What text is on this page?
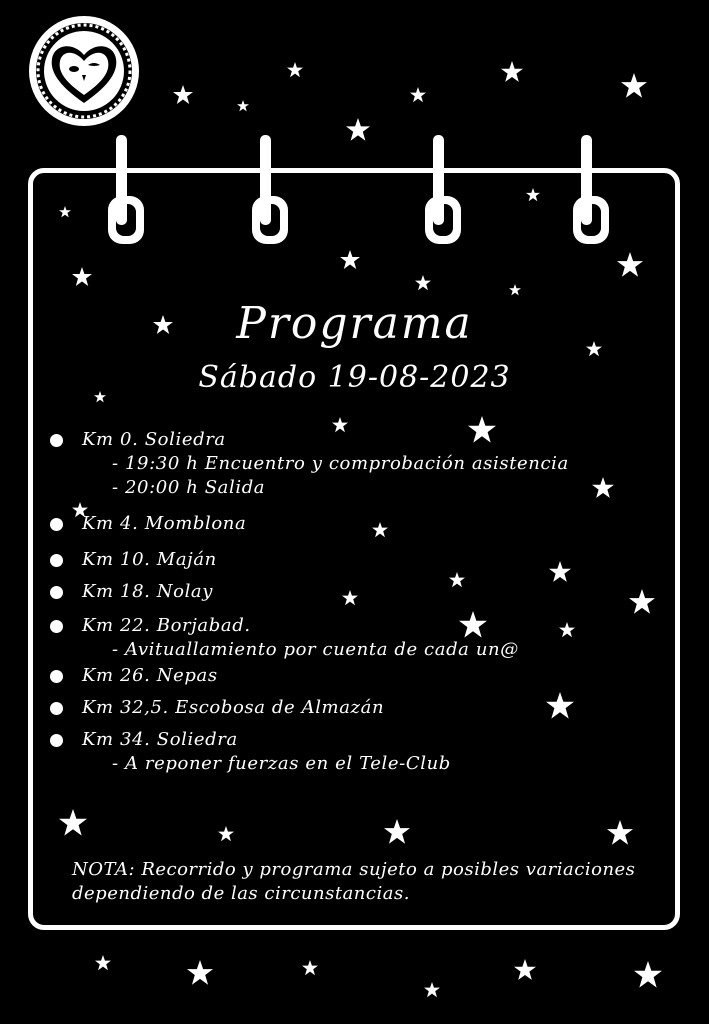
Programa
Sábado 19-08-2023
Km 0. Soliedra
- 19:30 h Encuentro y comprobación asistencia
- 20:00 h Salida
Km 4. Momblona
Km 10. Maján
Km 18. Nolay
Km 22. Borjabad.
- Avituallamiento por cuenta de cada un@
Km 26. Nepas
Km 32,5. Escobosa de Almazán
Km 34. Soliedra
- A reponer fuerzas en el Tele-Club
NOTA: Recorrido y programa sujeto a posibles variaciones dependiendo de las circunstancias.
